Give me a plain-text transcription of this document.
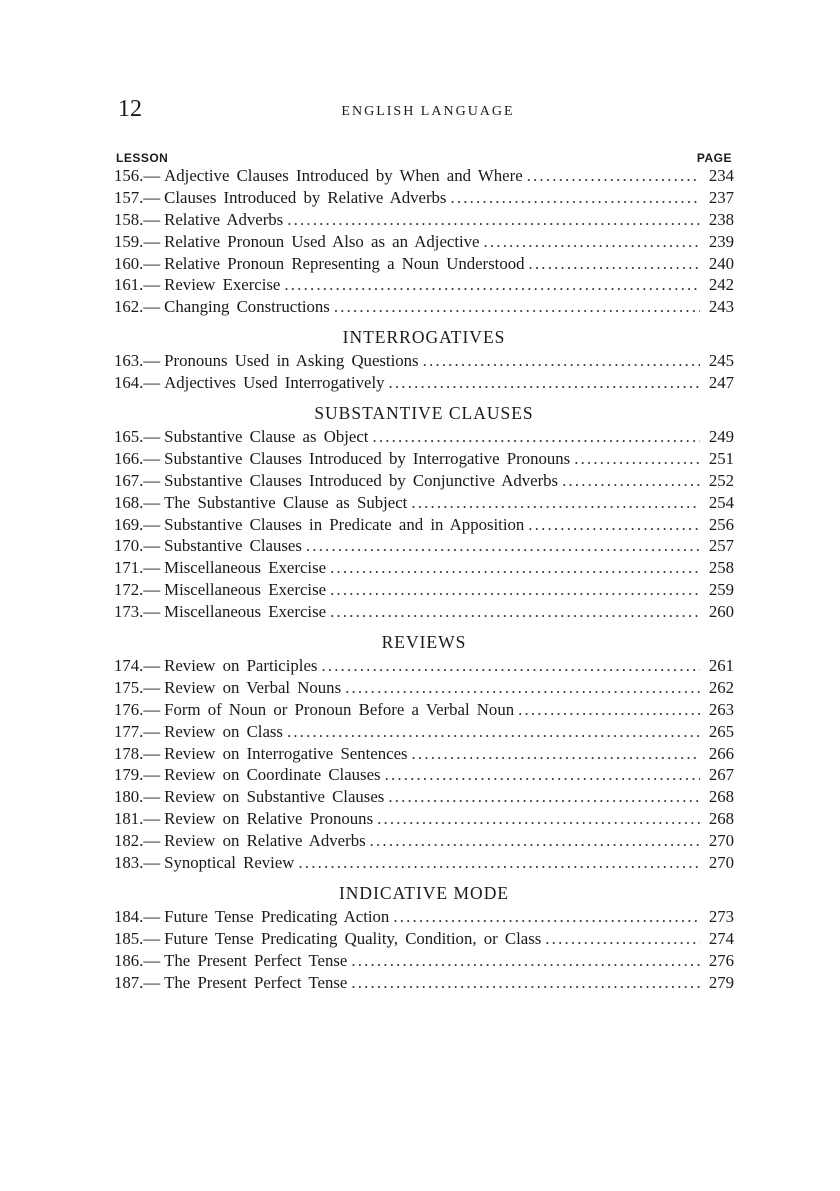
12	ENGLISH LANGUAGE
LESSON	PAGE
156. — Adjective Clauses Introduced by When and Where . . .	234
157. — Clauses Introduced by Relative Adverbs . . .	237
158. — Relative Adverbs . . .	238
159. — Relative Pronoun Used Also as an Adjective . . .	239
160. — Relative Pronoun Representing a Noun Understood . . .	240
161. — Review Exercise . . .	242
162. — Changing Constructions . . .	243
INTERROGATIVES
163. — Pronouns Used in Asking Questions . . .	245
164. — Adjectives Used Interrogatively . . .	247
SUBSTANTIVE CLAUSES
165. — Substantive Clause as Object . . .	249
166. — Substantive Clauses Introduced by Interrogative Pronouns . . .	251
167. — Substantive Clauses Introduced by Conjunctive Adverbs . . .	252
168. — The Substantive Clause as Subject . . .	254
169. — Substantive Clauses in Predicate and in Apposition . . .	256
170. — Substantive Clauses . . .	257
171. — Miscellaneous Exercise . . .	258
172. — Miscellaneous Exercise . . .	259
173. — Miscellaneous Exercise . . .	260
REVIEWS
174. — Review on Participles . . .	261
175. — Review on Verbal Nouns . . .	262
176. — Form of Noun or Pronoun Before a Verbal Noun . . .	263
177. — Review on Class . . .	265
178. — Review on Interrogative Sentences . . .	266
179. — Review on Coordinate Clauses . . .	267
180. — Review on Substantive Clauses . . .	268
181. — Review on Relative Pronouns . . .	268
182. — Review on Relative Adverbs . . .	270
183. — Synoptical Review . . .	270
INDICATIVE MODE
184. — Future Tense Predicating Action . . .	273
185. — Future Tense Predicating Quality, Condition, or Class . . .	274
186. — The Present Perfect Tense . . .	276
187. — The Present Perfect Tense . . .	279
